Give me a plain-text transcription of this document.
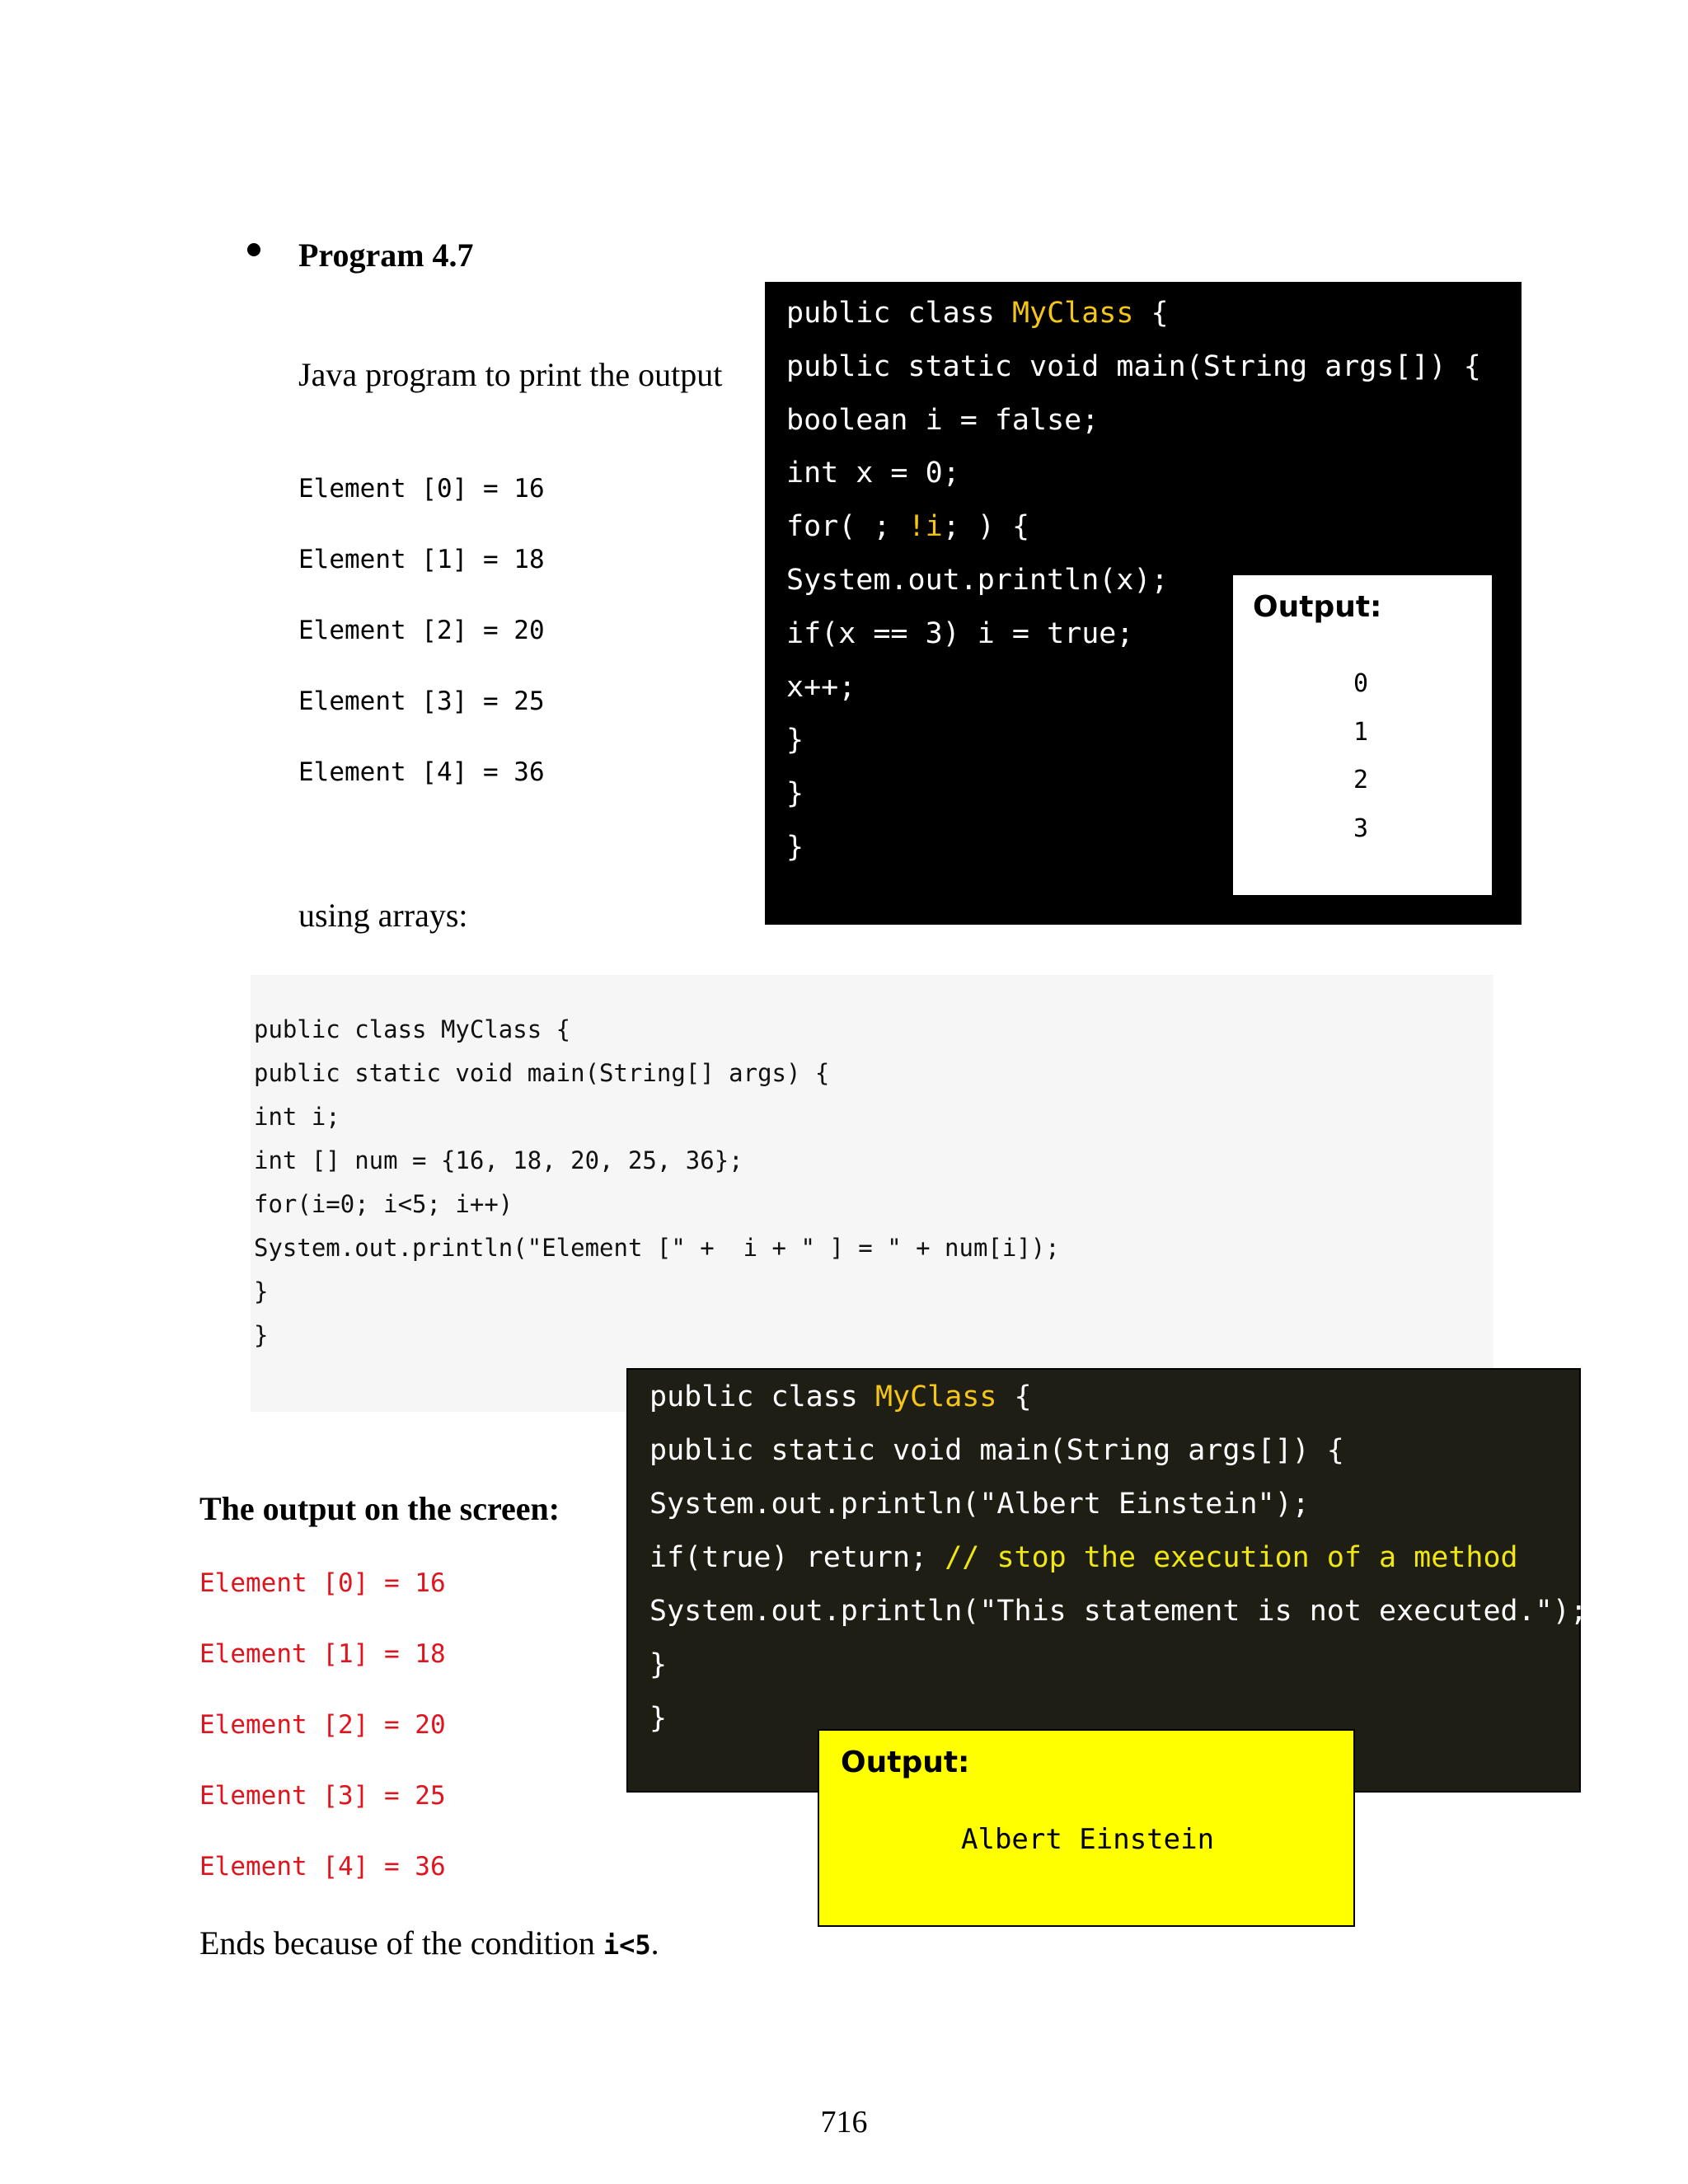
Program 4.7
Java program to print the output
Element [0] = 16
Element [1] = 18
Element [2] = 20
Element [3] = 25
Element [4] = 36
using arrays:
public class MyClass {
public static void main(String args[]) {
boolean i = false;
int x = 0;
for( ; !i; ) {
System.out.println(x);
if(x == 3) i = true;
x++;
}
}
}
Output:
0
1
2
3
public class MyClass {
public static void main(String[] args) {
int i;
int [] num = {16, 18, 20, 25, 36};
for(i=0; i<5; i++)
System.out.println("Element [" +  i + " ] = " + num[i]);
}
}
The output on the screen:
Element [0] = 16
Element [1] = 18
Element [2] = 20
Element [3] = 25
Element [4] = 36
Ends because of the condition i<5.
public class MyClass {
public static void main(String args[]) {
System.out.println("Albert Einstein");
if(true) return; // stop the execution of a method
System.out.println("This statement is not executed.");
}
}
Output:
Albert Einstein
716
